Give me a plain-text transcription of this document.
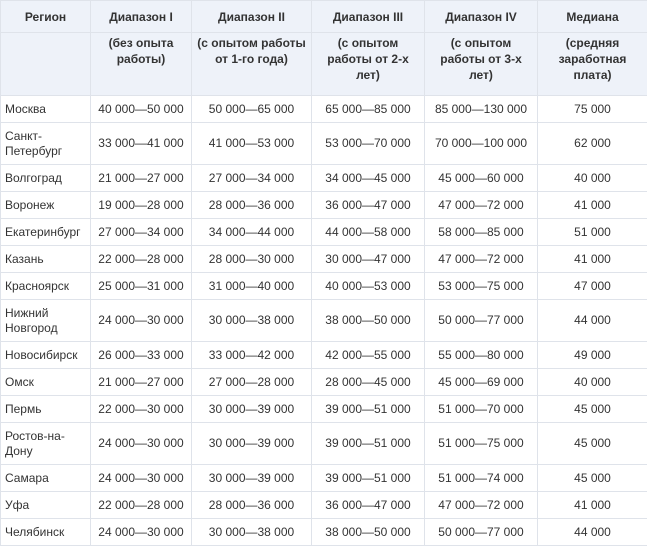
Регион	Диапазон I	Диапазон II	Диапазон III	Диапазон IV	Медиана
	(без опыта работы)	(с опытом работы от 1-го года)	(с опытом работы от 2-х лет)	(с опытом работы от 3-х лет)	(средняя заработная плата)
Москва	40 000—50 000	50 000—65 000	65 000—85 000	85 000—130 000	75 000
Санкт-Петербург	33 000—41 000	41 000—53 000	53 000—70 000	70 000—100 000	62 000
Волгоград	21 000—27 000	27 000—34 000	34 000—45 000	45 000—60 000	40 000
Воронеж	19 000—28 000	28 000—36 000	36 000—47 000	47 000—72 000	41 000
Екатеринбург	27 000—34 000	34 000—44 000	44 000—58 000	58 000—85 000	51 000
Казань	22 000—28 000	28 000—30 000	30 000—47 000	47 000—72 000	41 000
Красноярск	25 000—31 000	31 000—40 000	40 000—53 000	53 000—75 000	47 000
Нижний Новгород	24 000—30 000	30 000—38 000	38 000—50 000	50 000—77 000	44 000
Новосибирск	26 000—33 000	33 000—42 000	42 000—55 000	55 000—80 000	49 000
Омск	21 000—27 000	27 000—28 000	28 000—45 000	45 000—69 000	40 000
Пермь	22 000—30 000	30 000—39 000	39 000—51 000	51 000—70 000	45 000
Ростов-на-Дону	24 000—30 000	30 000—39 000	39 000—51 000	51 000—75 000	45 000
Самара	24 000—30 000	30 000—39 000	39 000—51 000	51 000—74 000	45 000
Уфа	22 000—28 000	28 000—36 000	36 000—47 000	47 000—72 000	41 000
Челябинск	24 000—30 000	30 000—38 000	38 000—50 000	50 000—77 000	44 000
